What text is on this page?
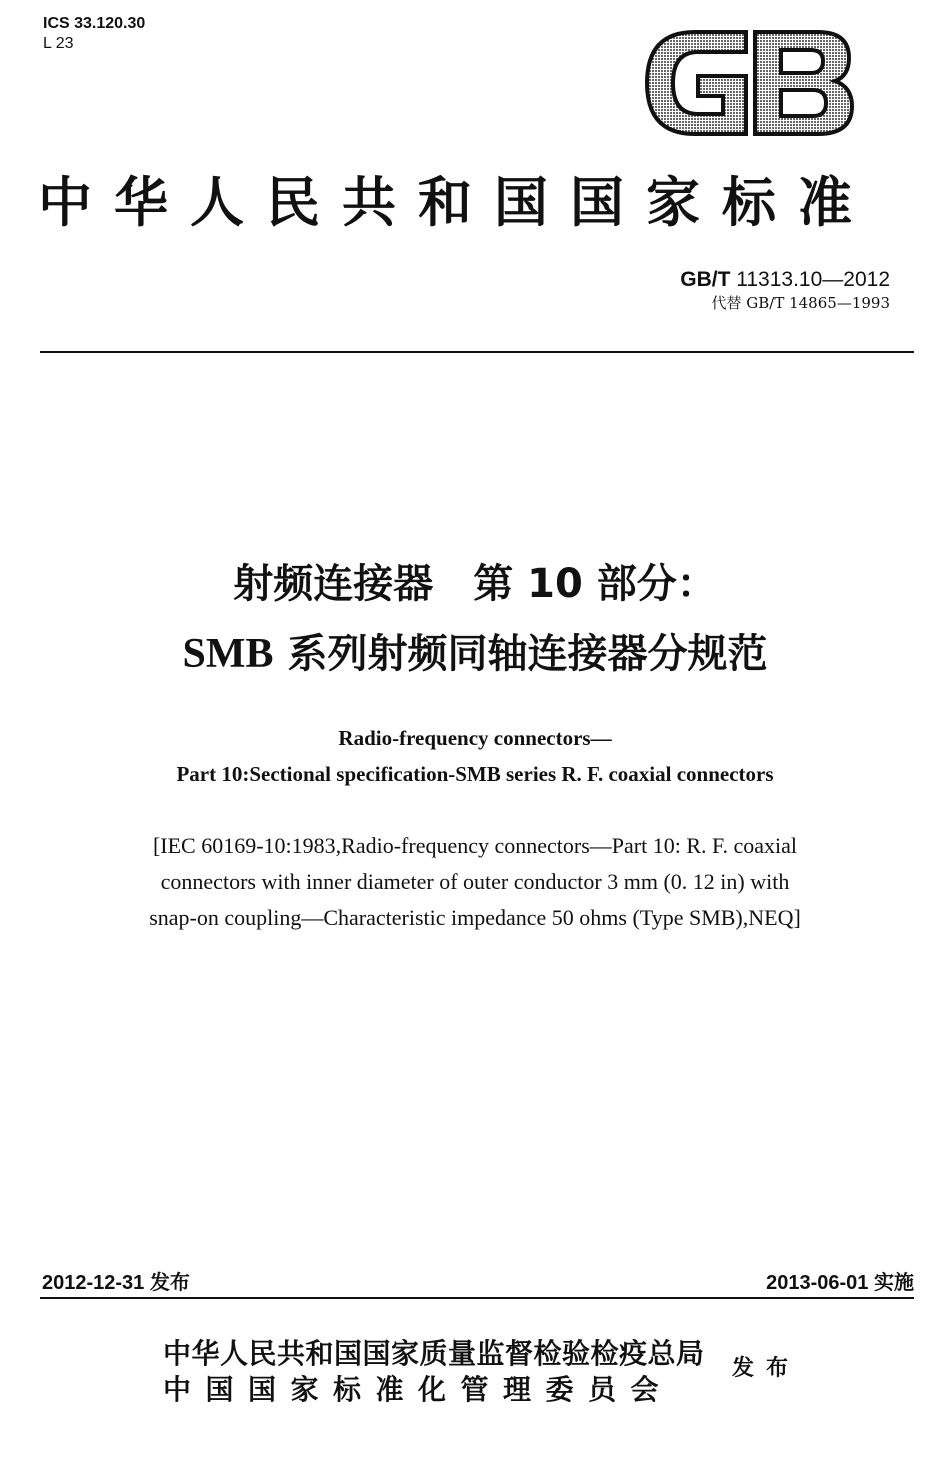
ICS 33.120.30
L 23
中华人民共和国国家标准
GB/T 11313.10—2012
代替 GB/T 14865—1993
射频连接器 第 10 部分：
SMB 系列射频同轴连接器分规范
Radio-frequency connectors—
Part 10:Sectional specification-SMB series R. F. coaxial connectors
[IEC 60169-10:1983,Radio-frequency connectors—Part 10: R. F. coaxial
connectors with inner diameter of outer conductor 3 mm (0. 12 in) with
snap-on coupling—Characteristic impedance 50 ohms (Type SMB),NEQ]
2012-12-31 发布	2013-06-01 实施
中华人民共和国国家质量监督检验检疫总局
中国国家标准化管理委员会
发布
